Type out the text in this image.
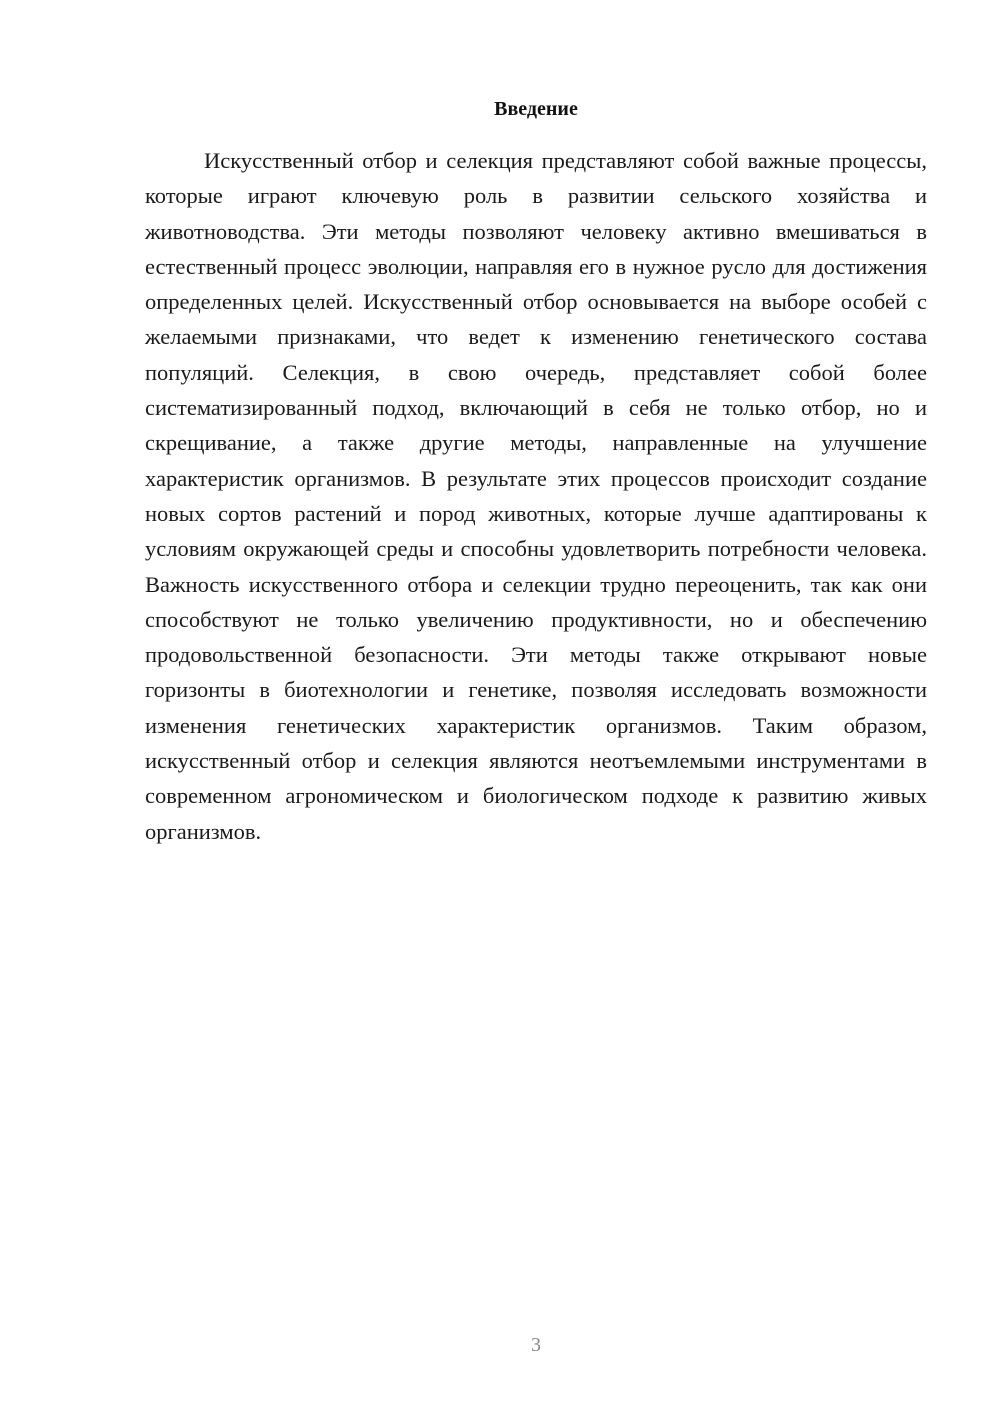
Введение

Искусственный отбор и селекция представляют собой важные процессы, которые играют ключевую роль в развитии сельского хозяйства и животноводства. Эти методы позволяют человеку активно вмешиваться в естественный процесс эволюции, направляя его в нужное русло для достижения определенных целей. Искусственный отбор основывается на выборе особей с желаемыми признаками, что ведет к изменению генетического состава популяций. Селекция, в свою очередь, представляет собой более систематизированный подход, включающий в себя не только отбор, но и скрещивание, а также другие методы, направленные на улучшение характеристик организмов. В результате этих процессов происходит создание новых сортов растений и пород животных, которые лучше адаптированы к условиям окружающей среды и способны удовлетворить потребности человека. Важность искусственного отбора и селекции трудно переоценить, так как они способствуют не только увеличению продуктивности, но и обеспечению продовольственной безопасности. Эти методы также открывают новые горизонты в биотехнологии и генетике, позволяя исследовать возможности изменения генетических характеристик организмов. Таким образом, искусственный отбор и селекция являются неотъемлемыми инструментами в современном агрономическом и биологическом подходе к развитию живых организмов.

3
